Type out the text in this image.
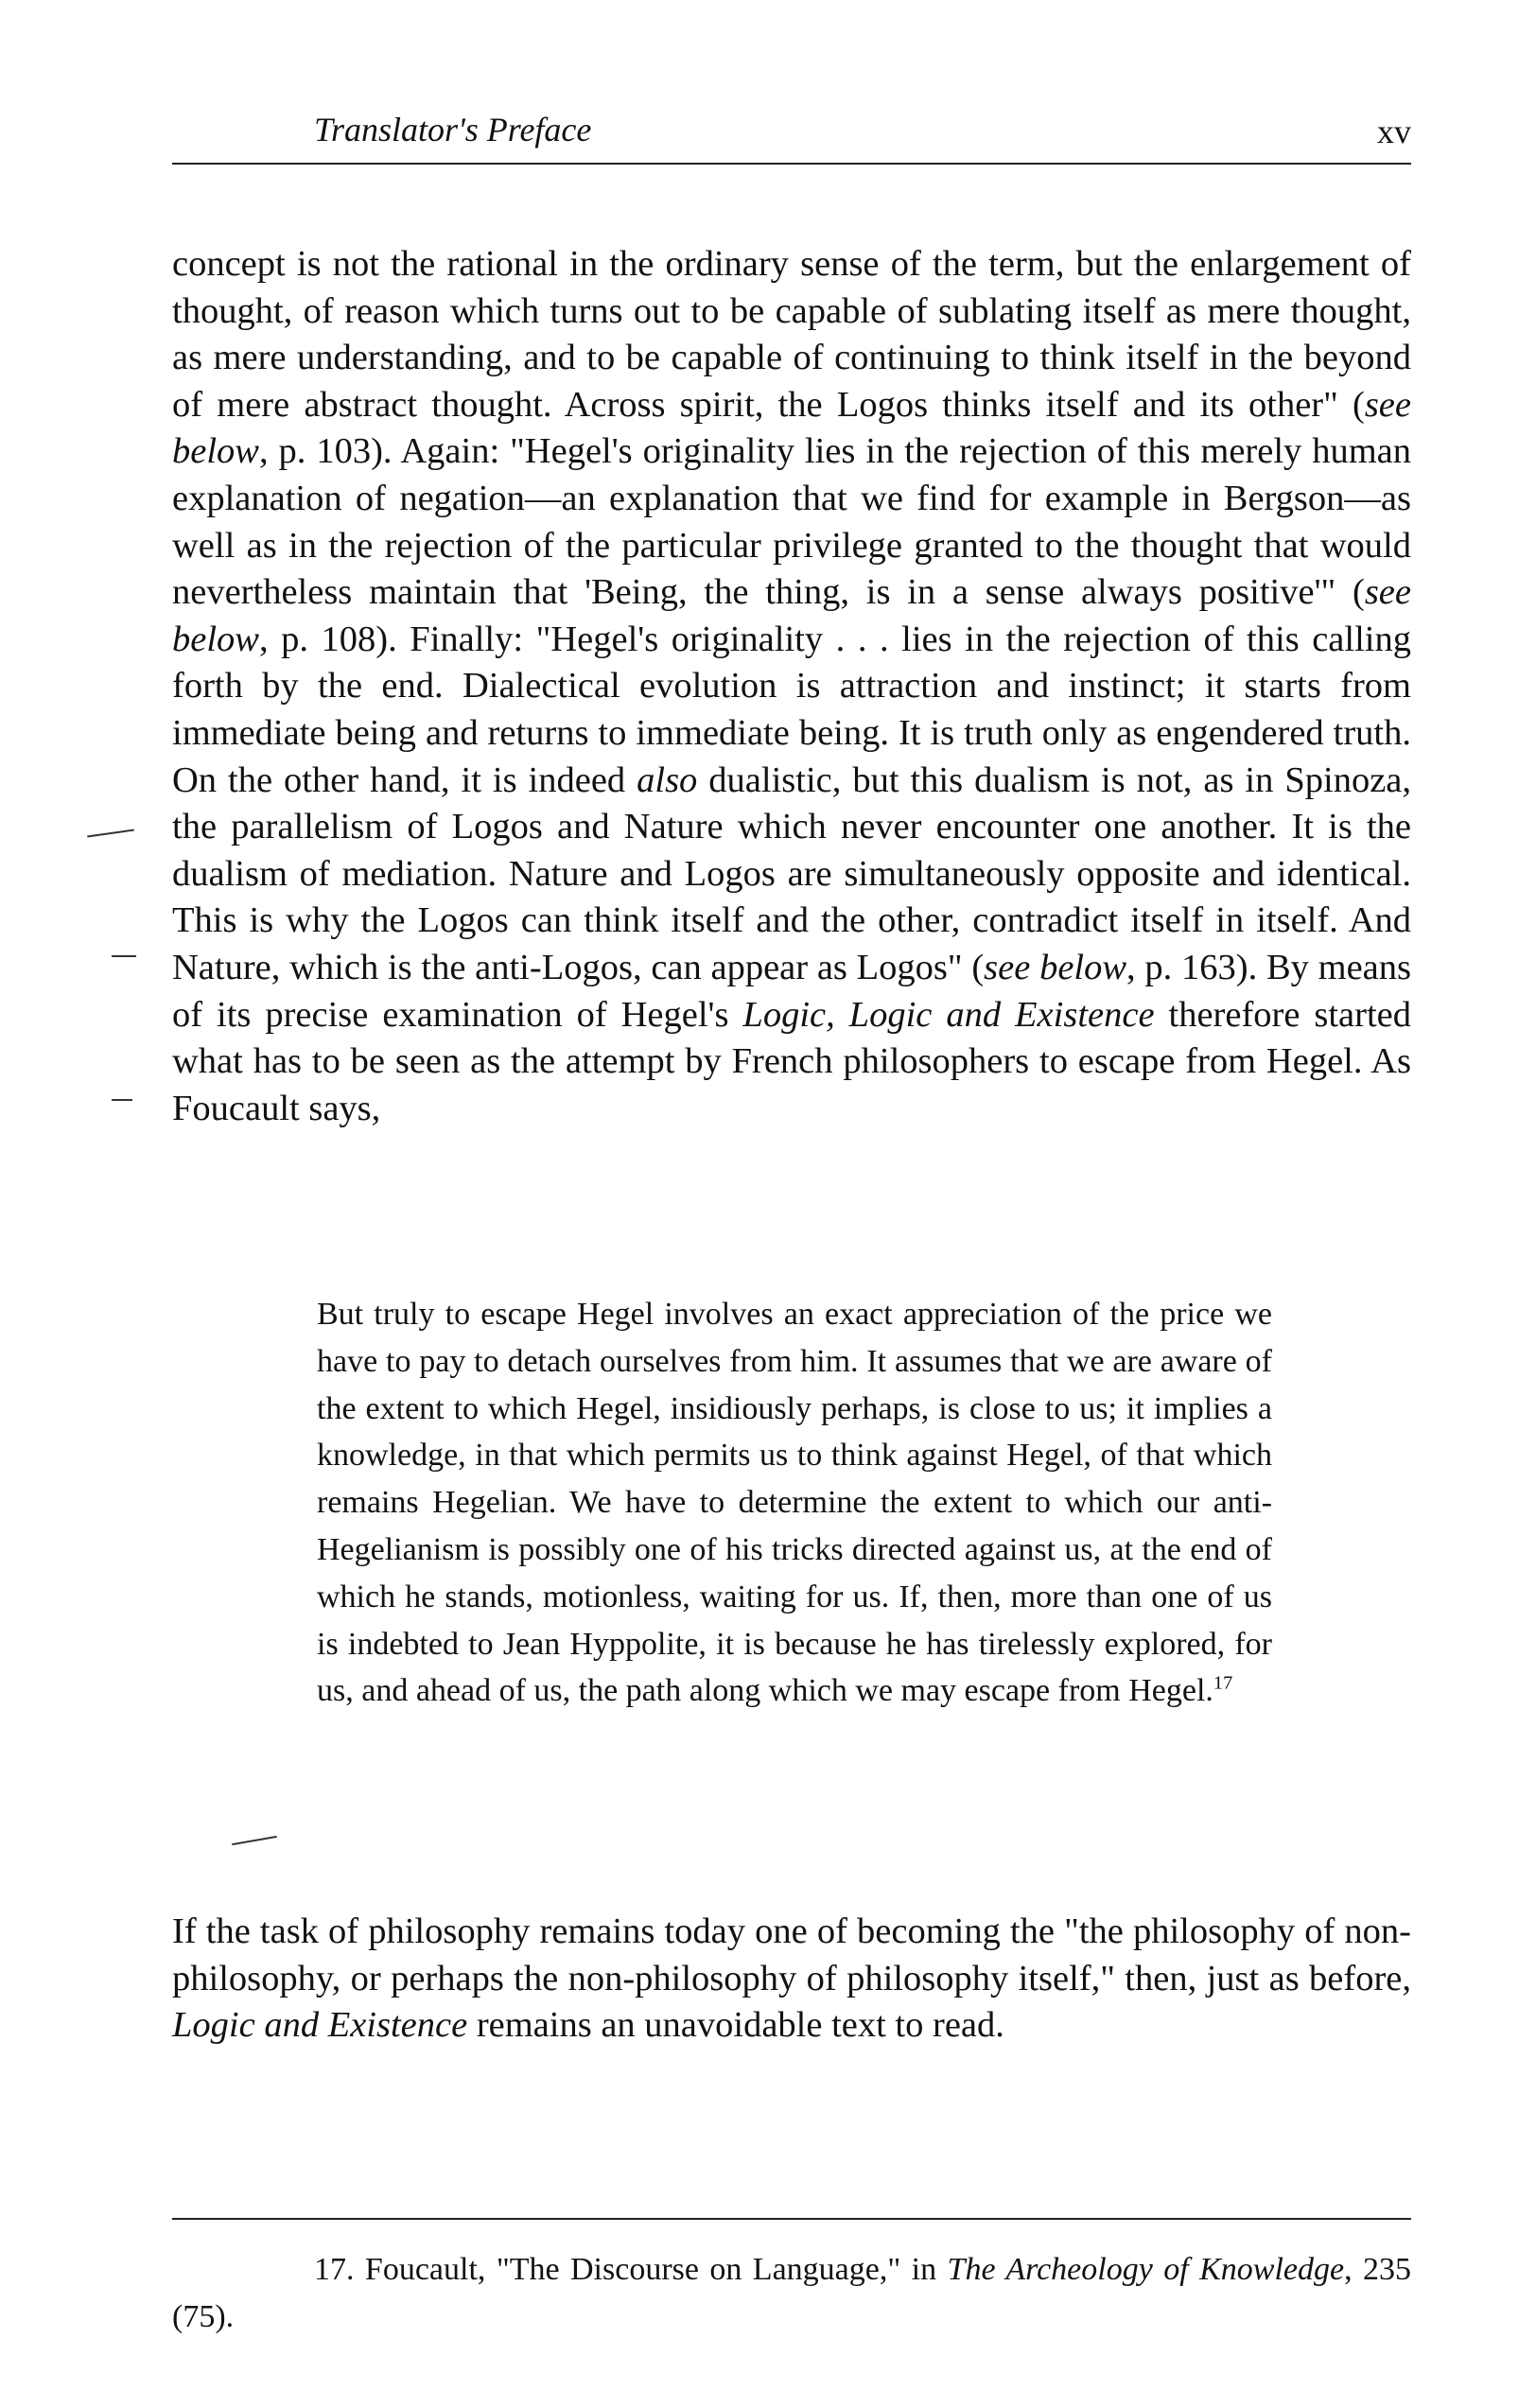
Translator's Preface	xv

concept is not the rational in the ordinary sense of the term, but the enlargement of thought, of reason which turns out to be capable of sublating itself as mere thought, as mere understanding, and to be capable of continuing to think itself in the beyond of mere abstract thought. Across spirit, the Logos thinks itself and its other" (see below, p. 103). Again: "Hegel's originality lies in the rejection of this merely human explanation of negation—an explanation that we find for example in Bergson—as well as in the rejection of the particular privilege granted to the thought that would nevertheless maintain that 'Being, the thing, is in a sense always positive'" (see below, p. 108). Finally: "Hegel's originality . . . lies in the rejection of this calling forth by the end. Dialectical evolution is attraction and instinct; it starts from immediate being and returns to immediate being. It is truth only as engendered truth. On the other hand, it is indeed also dualistic, but this dualism is not, as in Spinoza, the parallelism of Logos and Nature which never encounter one another. It is the dualism of mediation. Nature and Logos are simultaneously opposite and identical. This is why the Logos can think itself and the other, contradict itself in itself. And Nature, which is the anti-Logos, can appear as Logos" (see below, p. 163). By means of its precise examination of Hegel's Logic, Logic and Existence therefore started what has to be seen as the attempt by French philosophers to escape from Hegel. As Foucault says,

But truly to escape Hegel involves an exact appreciation of the price we have to pay to detach ourselves from him. It assumes that we are aware of the extent to which Hegel, insidiously perhaps, is close to us; it implies a knowledge, in that which permits us to think against Hegel, of that which remains Hegelian. We have to determine the extent to which our anti-Hegelianism is possibly one of his tricks directed against us, at the end of which he stands, motionless, waiting for us. If, then, more than one of us is indebted to Jean Hyppolite, it is because he has tirelessly explored, for us, and ahead of us, the path along which we may escape from Hegel.$^{17}$

If the task of philosophy remains today one of becoming the "the philosophy of non-philosophy, or perhaps the non-philosophy of philosophy itself," then, just as before, Logic and Existence remains an unavoidable text to read.

17. Foucault, "The Discourse on Language," in The Archeology of Knowledge, 235 (75).
